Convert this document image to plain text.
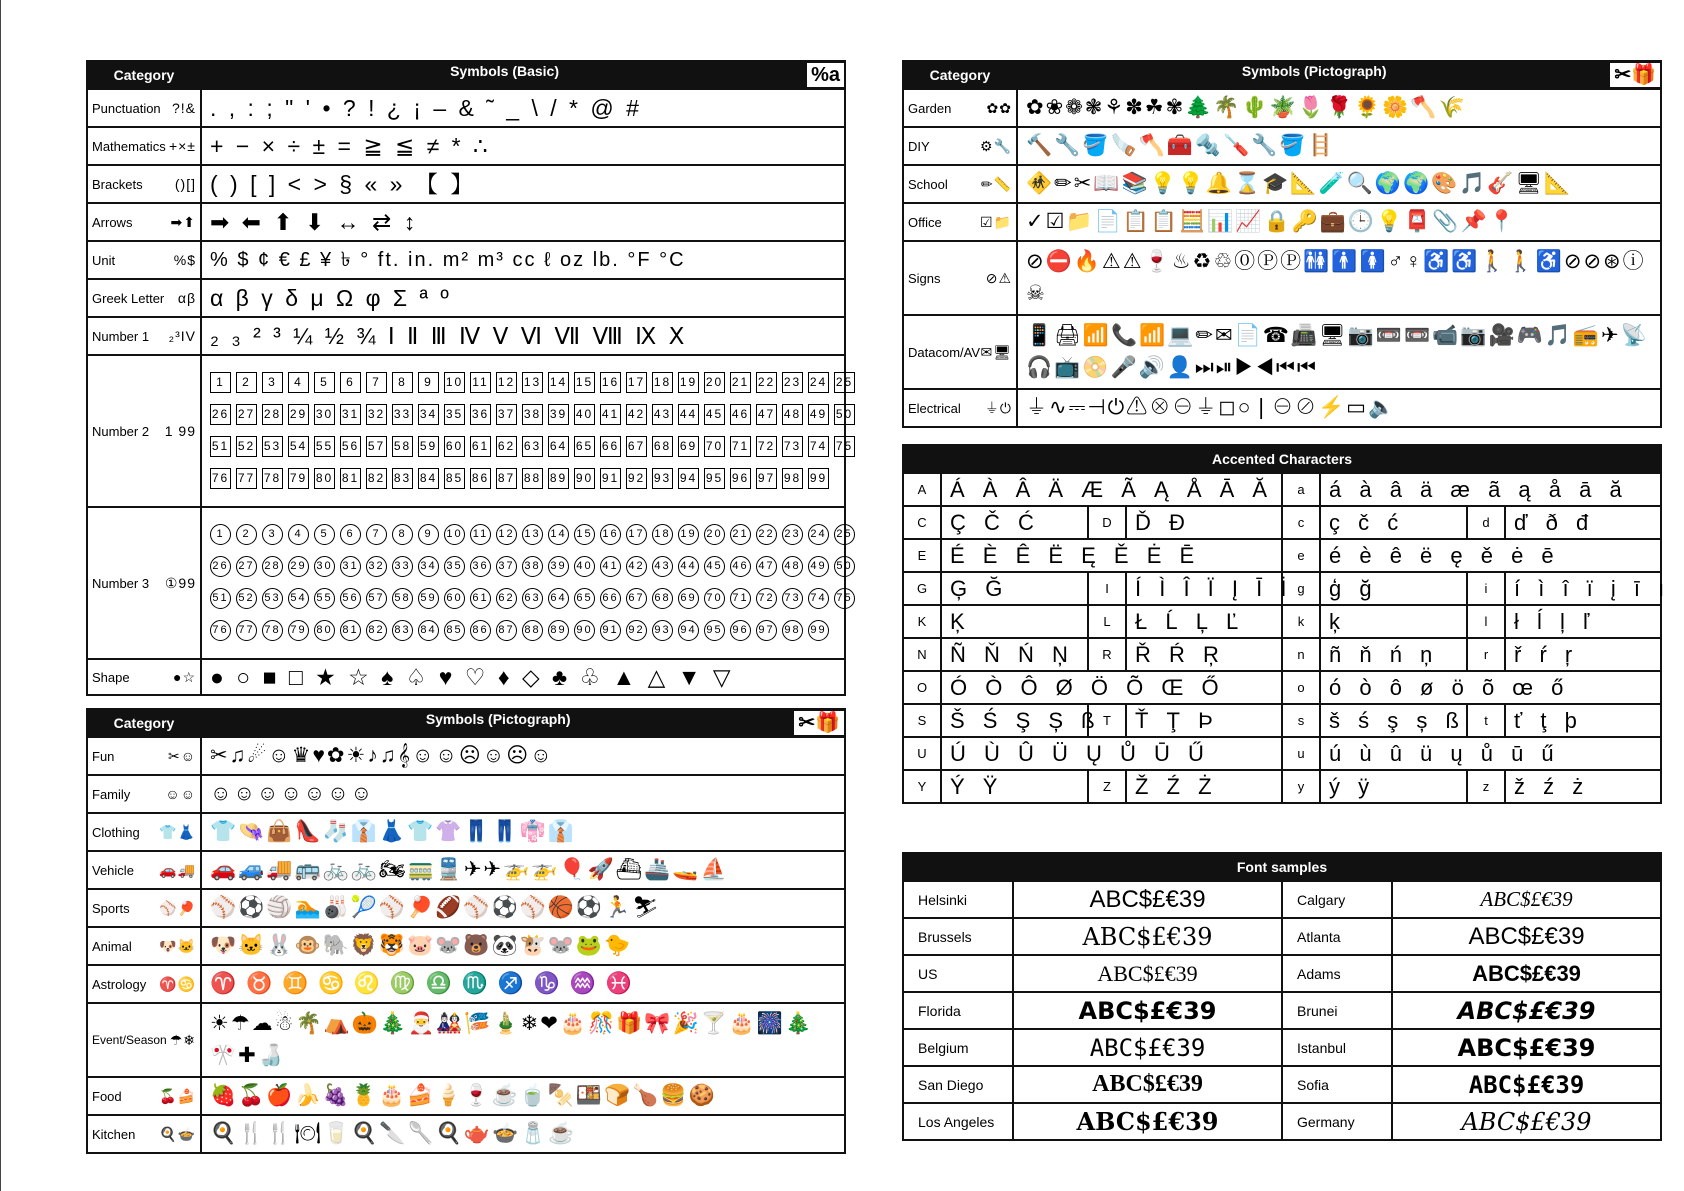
Category	Symbols (Basic) %a

Punctuation ?!&	. , : ; " ' • ? ! ¿ ¡ – & ˜ _ \ / * @ #

Mathematics +×±	+ − × ÷ ± = ≧ ≦ ≠ * ∴

Brackets ()[]	( ) [ ] < > § « » 【 】

Arrows ➡⬆	➡ ⬅ ⬆ ⬇ ↔ ⇄ ↕

Unit %$	% $ ¢ € £ ¥ ৳ ° ft. in. m² m³ cc ℓ oz lb. °F °C

Greek Letter αβ	α β γ δ μ Ω φ Σ ª º

Number 1 ₂³IV	₂ ₃ ² ³ ¼ ½ ¾ Ⅰ Ⅱ Ⅲ Ⅳ Ⅴ Ⅵ Ⅶ Ⅷ Ⅸ Ⅹ

Number 2 1 99	1 2 3 4 5 6 7 8 9 10 11 12 13 14 15 16 17 18 19 20 21 22 23 24 25
26 27 28 29 30 31 32 33 34 35 36 37 38 39 40 41 42 43 44 45 46 47 48 49 50
51 52 53 54 55 56 57 58 59 60 61 62 63 64 65 66 67 68 69 70 71 72 73 74 75
76 77 78 79 80 81 82 83 84 85 86 87 88 89 90 91 92 93 94 95 96 97 98 99

Number 3 ①99	1 2 3 4 5 6 7 8 9 10 11 12 13 14 15 16 17 18 19 20 21 22 23 24 25
26 27 28 29 30 31 32 33 34 35 36 37 38 39 40 41 42 43 44 45 46 47 48 49 50
51 52 53 54 55 56 57 58 59 60 61 62 63 64 65 66 67 68 69 70 71 72 73 74 75
76 77 78 79 80 81 82 83 84 85 86 87 88 89 90 91 92 93 94 95 96 97 98 99

Shape ●☆	● ○ ■ □ ★ ☆ ♠ ♤ ♥ ♡ ♦ ◇ ♣ ♧ ▲ △ ▼ ▽
Category	Symbols (Pictograph) ✂🎁

Fun ✂☺	✂♫☄☺♛♥✿☀♪♫𝄞☺☺☹☺☹☺

Family ☺☺	☺☺☺☺☺☺☺

Clothing 👕👗	👕👒👜👠🧦👔👗👕👚👖👖👘👔

Vehicle 🚗🚚	🚗🚙🚚🚌🚲🚲🏍🚃🚆✈✈🚁🚁🎈🚀⛴🚢🚤⛵

Sports ⚾🏓	⚾⚽🏐🏊🎳🎾⚾🏓🏈⚾⚽⚾🏀⚽🏃⛷

Animal 🐶🐱	🐶🐱🐰🐵🐘🦁🐯🐷🐭🐻🐼🐮🐭🐸🐤

Astrology ♈♋	♈ ♉ ♊ ♋ ♌ ♍ ♎ ♏ ♐ ♑ ♒ ♓

Event/Season ☂❄	☀☂☁☃🌴⛺🎃🎄🎅🎎🎏🎍❄❤🎂🎊🎁🎀🎉🍸🎂🎆🎄🎌✚🍶

Food 🍒🍰	🍓🍒🍎🍌🍇🍍🎂🍰🍦🍷☕🍵🍢🍱🍞🍗🍔🍪

Kitchen 🍳🍲	🍳🍴🍴🍽🥛🍳🔪🥄🍳🫖🍲🧂☕
Category	Symbols (Pictograph) ✂🎁

Garden ✿✿	✿❀❁❃⚘✽☘✾🌲🌴🌵🪴🌷🌹🌻🌼🪓🌾

DIY ⚙🔧	🔨🔧🪣🪚🪓🧰🔩🪛🔧🪣🪜

School ✏📏	🚸✏✂📖📚💡💡🔔⌛🎓📐🧪🔍🌍🌍🎨🎵🎸🖥📐

Office ☑📁	✓☑📁📄📋📋🧮📊📈🔒🔑💼🕒💡📮📎📌📍

Signs ⊘⚠	⊘⛔🔥⚠⚠🍷♨♻♲⓪ⓅⓅ🚻🚹🚺♂♀♿♿🚶🚶♿⊘⊘⊛ⓘ☠

Datacom/AV ✉🖥	📱🖨📶📞📶💻✏✉📄☎📠🖥📷📼📼📹📷🎥🎮🎵📻✈📡🎧📺📀🎤🔊👤⏭⏯▶◀⏮⏮

Electrical ⏚⏻	⏚∿⎓⊣⏻⚠⊗⊖⏚◻○❘⊖⊘⚡▭🔈
Accented Characters							
A	Á À Â Ä Æ Ã Ą Å Ā Ă			a	á à â ä æ ã ą å ā ă		
C	Ç Č Ć	D	Ď Đ	c	ç č ć	d	ď ð đ
E	É È Ê Ë Ę Ě Ė Ē			e	é è ê ë ę ě ė ē		
G	Ģ Ğ	I	Í Ì Î Ï Į Ī İ	g	ģ ğ	i	í ì î ï į ī ı
K	Ķ	L	Ł Ĺ Ļ Ľ	k	ķ	l	ł ĺ ļ ľ
N	Ñ Ň Ń Ņ	R	Ř Ŕ Ŗ	n	ñ ň ń ņ	r	ř ŕ ŗ
O	Ó Ò Ô Ø Ö Õ Œ Ő			o	ó ò ô ø ö õ œ ő		
S	Š Ś Ş Ș ß	T	Ť Ţ Þ	s	š ś ş ș ß	t	ť ţ þ
U	Ú Ù Û Ü Ų Ů Ū Ű			u	ú ù û ü ų ů ū ű		
Y	Ý Ÿ	Z	Ž Ź Ż	y	ý ÿ	z	ž ź ż
Font samples			
Helsinki	ABC$£€39	Calgary	ABC$£€39
Brussels	ABC$£€39	Atlanta	ABC$£€39
US	ABC$£€39	Adams	ABC$£€39
Florida	ABC$£€39	Brunei	ABC$£€39
Belgium	ABC$£€39	Istanbul	ABC$£€39
San Diego	ABC$£€39	Sofia	ABC$£€39
Los Angeles	ABC$£€39	Germany	ABC$£€39
